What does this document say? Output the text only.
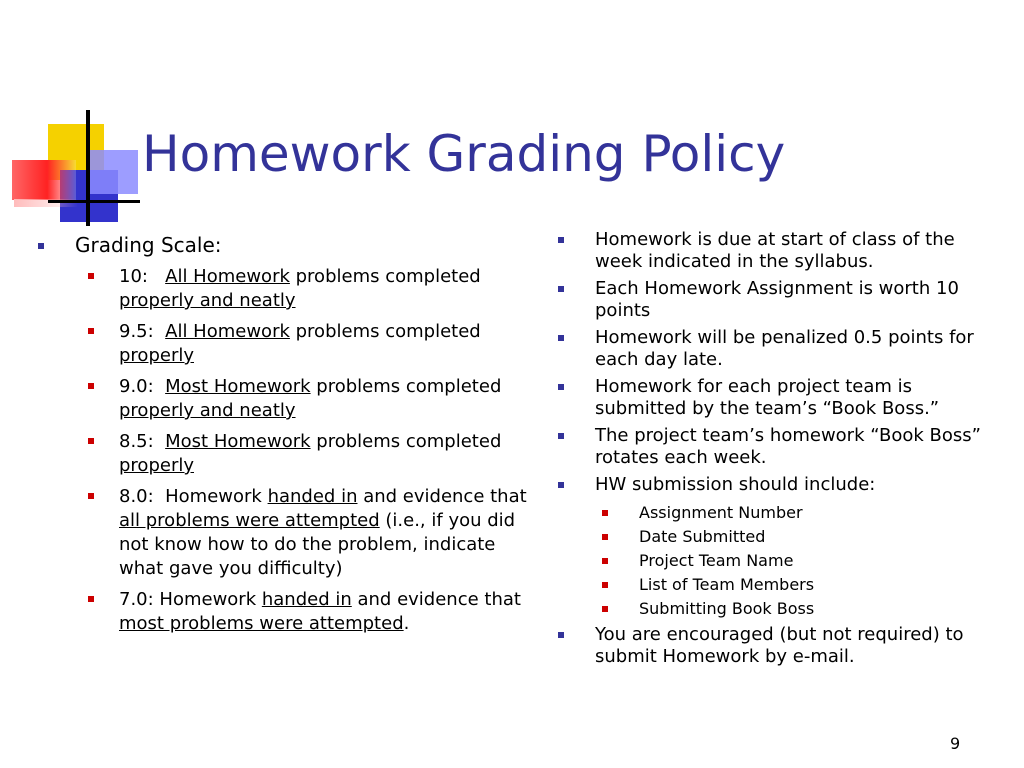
Homework Grading Policy
Grading Scale:
10:   All Homework problems completed properly and neatly
9.5:  All Homework problems completed properly
9.0:  Most Homework problems completed properly and neatly
8.5:  Most Homework problems completed properly
8.0:  Homework handed in and evidence that all problems were attempted (i.e., if you did not know how to do the problem, indicate what gave you difficulty)
7.0: Homework handed in and evidence that most problems were attempted.
Homework is due at start of class of the week indicated in the syllabus.
Each Homework Assignment is worth 10 points
Homework will be penalized 0.5 points for each day late.
Homework for each project team is submitted by the team’s “Book Boss.”
The project team’s homework “Book Boss” rotates each week.
HW submission should include:
Assignment Number
Date Submitted
Project Team Name
List of Team Members
Submitting Book Boss
You are encouraged (but not required) to submit Homework by e-mail.
9
